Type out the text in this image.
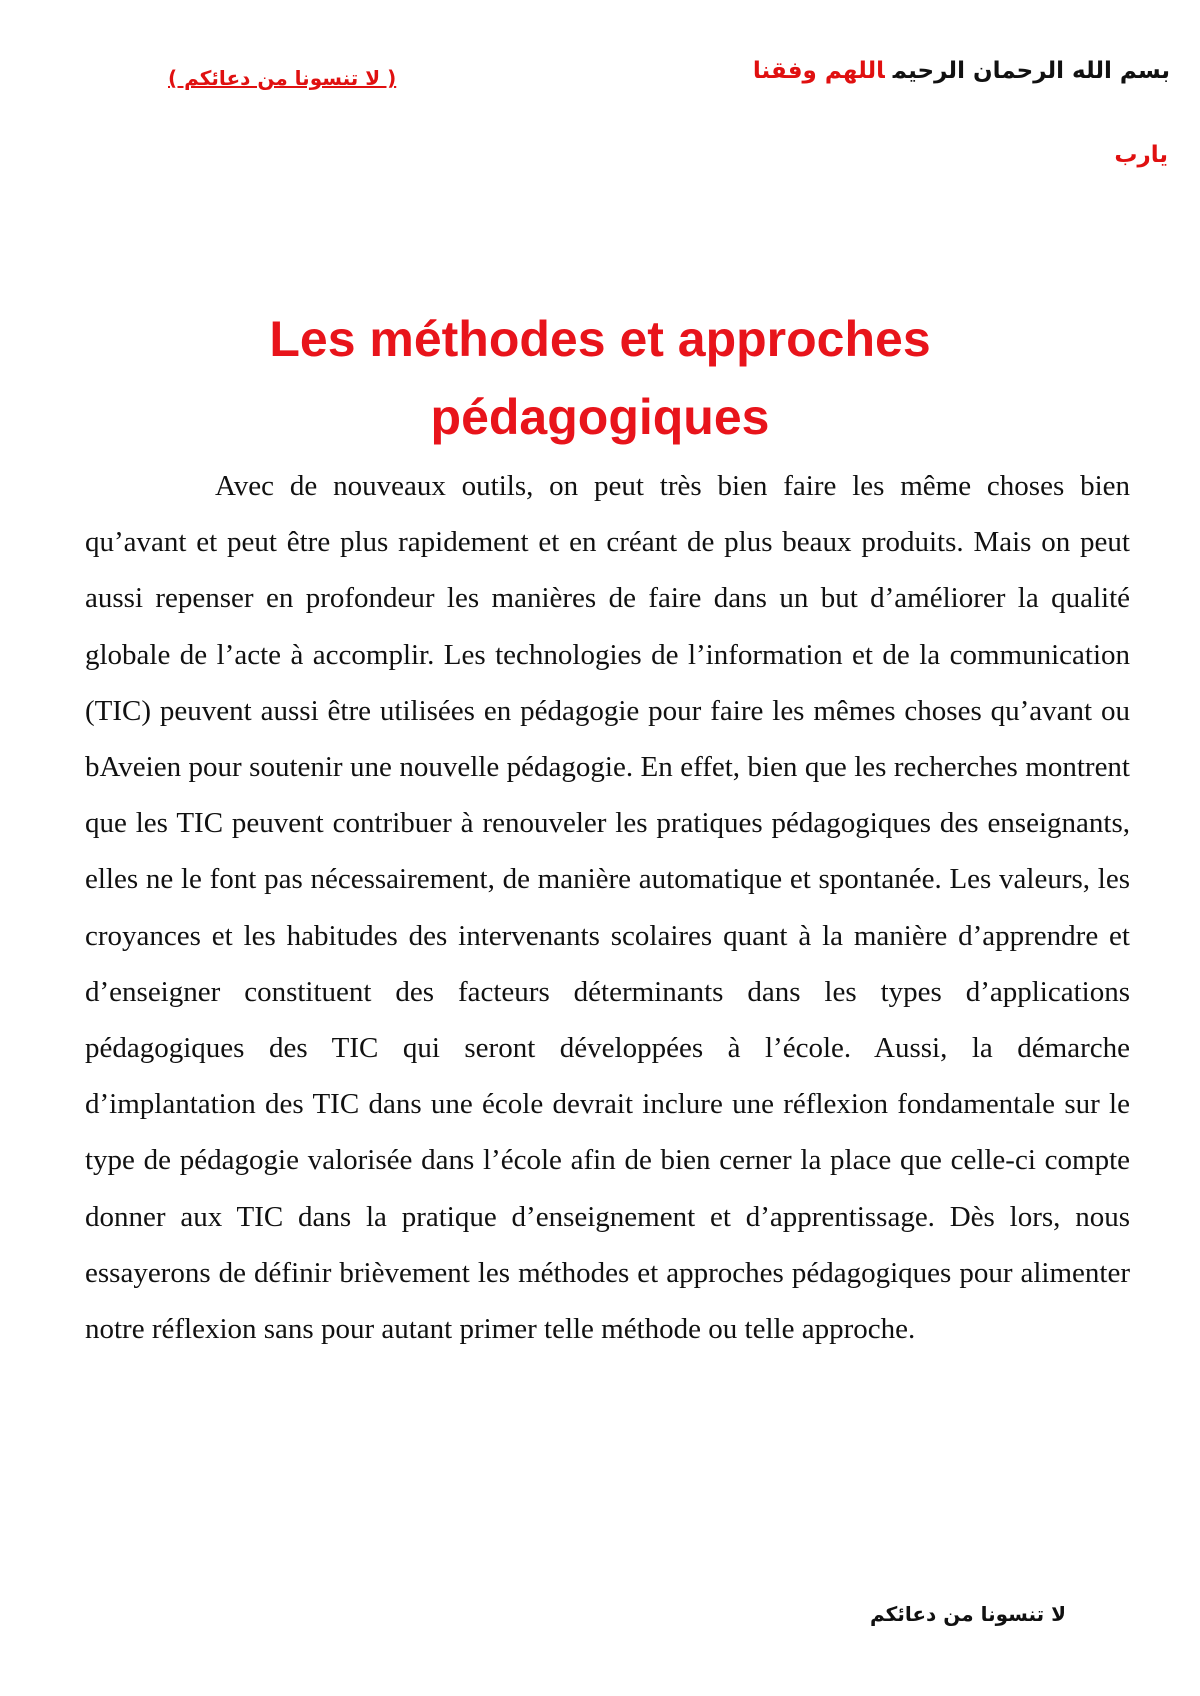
( لا تنسونا من دعائكم )	بسم الله الرحمان الرحيماللهم وفقنا
يارب
Les méthodes et approches
pédagogiques

Avec de nouveaux outils, on peut très bien faire les même choses bien qu’avant et peut être plus rapidement et en créant de plus beaux produits. Mais on peut aussi repenser en profondeur les manières de faire dans un but d’améliorer la qualité globale de l’acte à accomplir. Les technologies de l’information et de la communication (TIC) peuvent aussi être utilisées en pédagogie pour faire les mêmes choses qu’avant ou bAveien pour soutenir une nouvelle pédagogie. En effet, bien que les recherches montrent que les TIC peuvent contribuer à renouveler les pratiques pédagogiques des enseignants, elles ne le font pas nécessairement, de manière automatique et spontanée. Les valeurs, les croyances et les habitudes des intervenants scolaires quant à la manière d’apprendre et d’enseigner constituent des facteurs déterminants dans les types d’applications pédagogiques des TIC qui seront développées à l’école. Aussi, la démarche d’implantation des TIC dans une école devrait inclure une réflexion fondamentale sur le type de pédagogie valorisée dans l’école afin de bien cerner la place que celle-ci compte donner aux TIC dans la pratique d’enseignement et d’apprentissage. Dès lors, nous essayerons de définir brièvement les méthodes et approches pédagogiques pour alimenter notre réflexion sans pour autant primer telle méthode ou telle approche.

لا تنسونا من دعائكم
